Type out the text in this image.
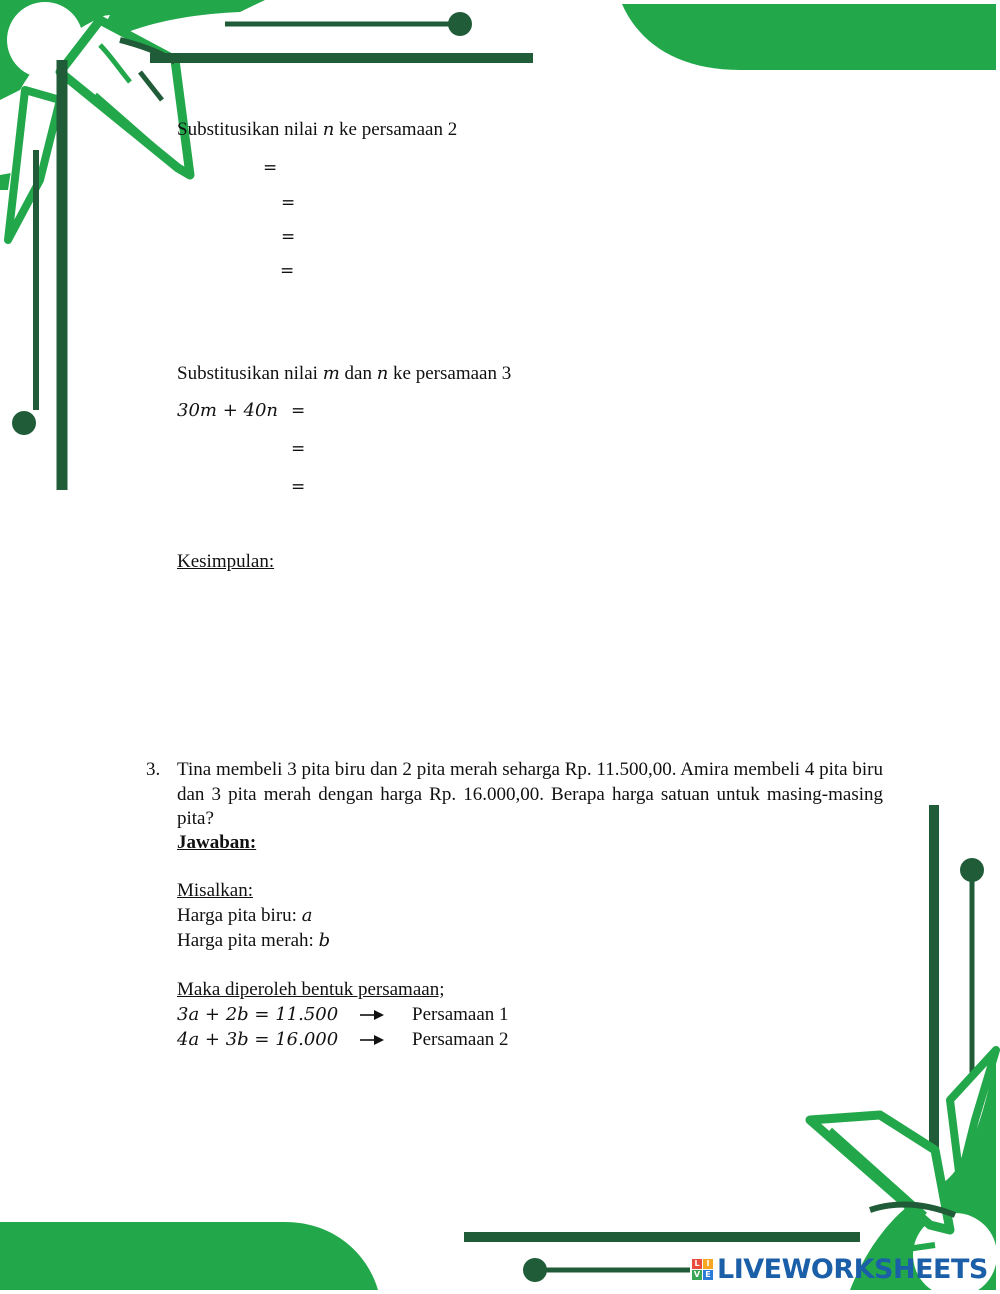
Substitusikan nilai n ke persamaan 2
=
=
=
=
Substitusikan nilai m dan n ke persamaan 3
30m + 40n =
=
=
Kesimpulan:
3. Tina membeli 3 pita biru dan 2 pita merah seharga Rp. 11.500,00. Amira membeli 4 pita biru dan 3 pita merah dengan harga Rp. 16.000,00. Berapa harga satuan untuk masing-masing pita?
Jawaban:
Misalkan:
Harga pita biru: a
Harga pita merah: b
Maka diperoleh bentuk persamaan;
3a + 2b = 11.500	Persamaan 1
4a + 3b = 16.000	Persamaan 2
L I
V E LIVEWORKSHEETS
